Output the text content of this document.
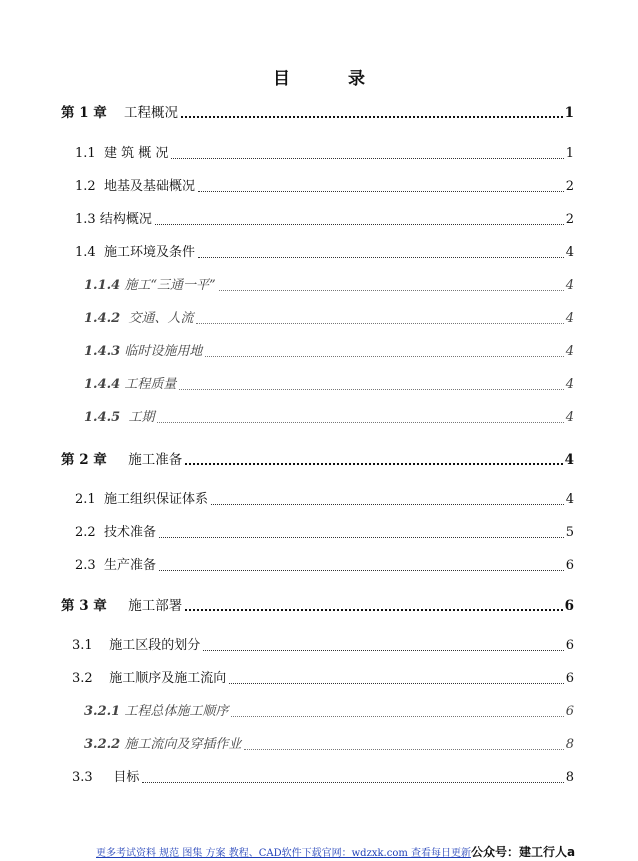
目 录
第 1 章 工程概况	1
1.1 建 筑 概 况	1
1.2 地基及基础概况	2
1.3 结构概况	2
1.4 施工环境及条件	4
1.1.4 施工“三通一平”	4
1.4.2 交通、人流	4
1.4.3 临时设施用地	4
1.4.4 工程质量	4
1.4.5 工期	4
第 2 章 施工准备	4
2.1 施工组织保证体系	4
2.2 技术准备	5
2.3 生产准备	6
第 3 章 施工部署	6
3.1 施工区段的划分	6
3.2 施工顺序及施工流向	6
3.2.1 工程总体施工顺序	6
3.2.2 施工流向及穿插作业	8
3.3 目标	8
更多考试资料 规范 图集 方案 教程、CAD软件下载官网：wdzxk.com 查看每日更新公众号：建工行人a
